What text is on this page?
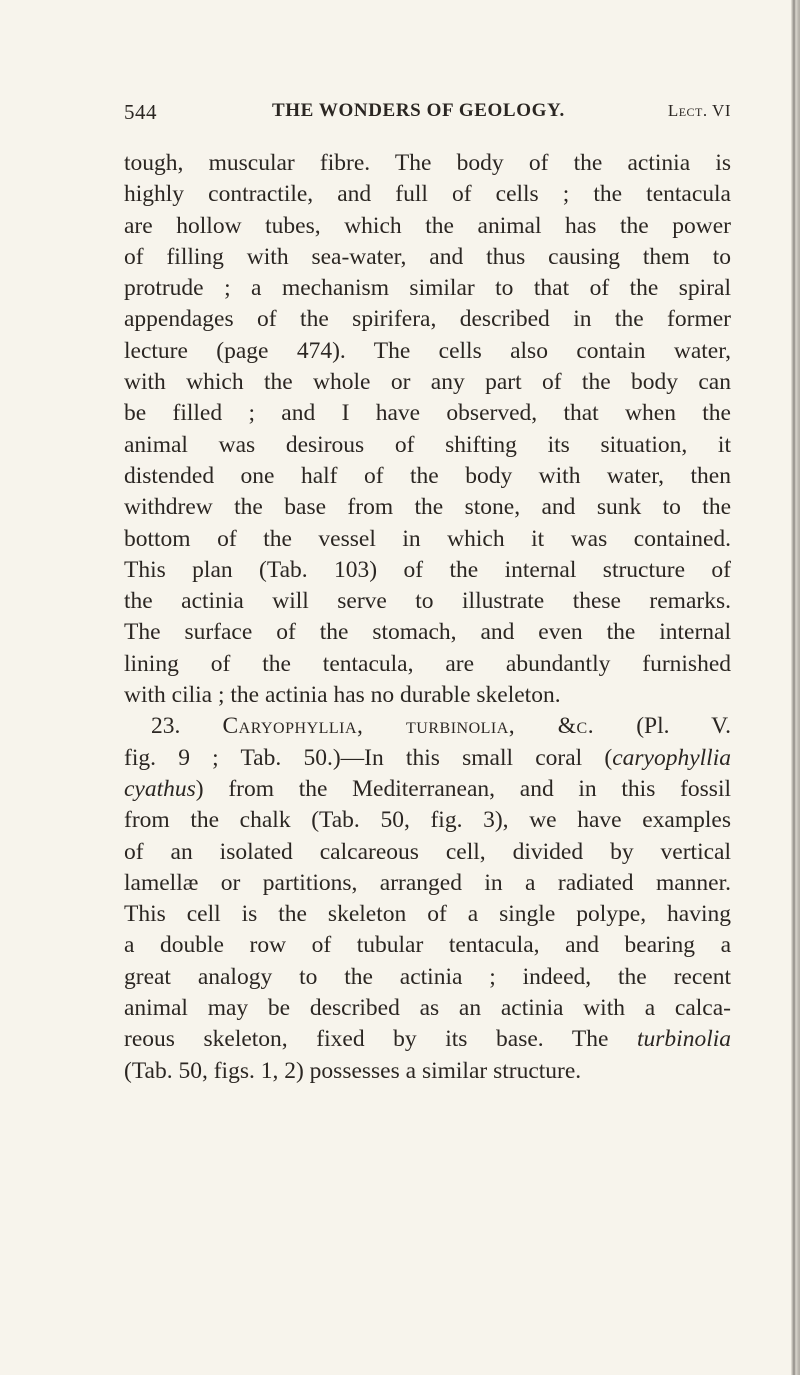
544	THE WONDERS OF GEOLOGY.	Lect. VI
tough, muscular fibre. The body of the actinia is
highly contractile, and full of cells ; the tentacula
are hollow tubes, which the animal has the power
of filling with sea-water, and thus causing them to
protrude ; a mechanism similar to that of the spiral
appendages of the spirifera, described in the former
lecture (page 474). The cells also contain water,
with which the whole or any part of the body can
be filled ; and I have observed, that when the
animal was desirous of shifting its situation, it
distended one half of the body with water, then
withdrew the base from the stone, and sunk to the
bottom of the vessel in which it was contained.
This plan (Tab. 103) of the internal structure of
the actinia will serve to illustrate these remarks.
The surface of the stomach, and even the internal
lining of the tentacula, are abundantly furnished
with cilia ; the actinia has no durable skeleton.
23. Caryophyllia, turbinolia, &c. (Pl. V.
fig. 9 ; Tab. 50.)—In this small coral (caryophyllia
cyathus) from the Mediterranean, and in this fossil
from the chalk (Tab. 50, fig. 3), we have examples
of an isolated calcareous cell, divided by vertical
lamellæ or partitions, arranged in a radiated manner.
This cell is the skeleton of a single polype, having
a double row of tubular tentacula, and bearing a
great analogy to the actinia ; indeed, the recent
animal may be described as an actinia with a calca-
reous skeleton, fixed by its base. The turbinolia
(Tab. 50, figs. 1, 2) possesses a similar structure.
